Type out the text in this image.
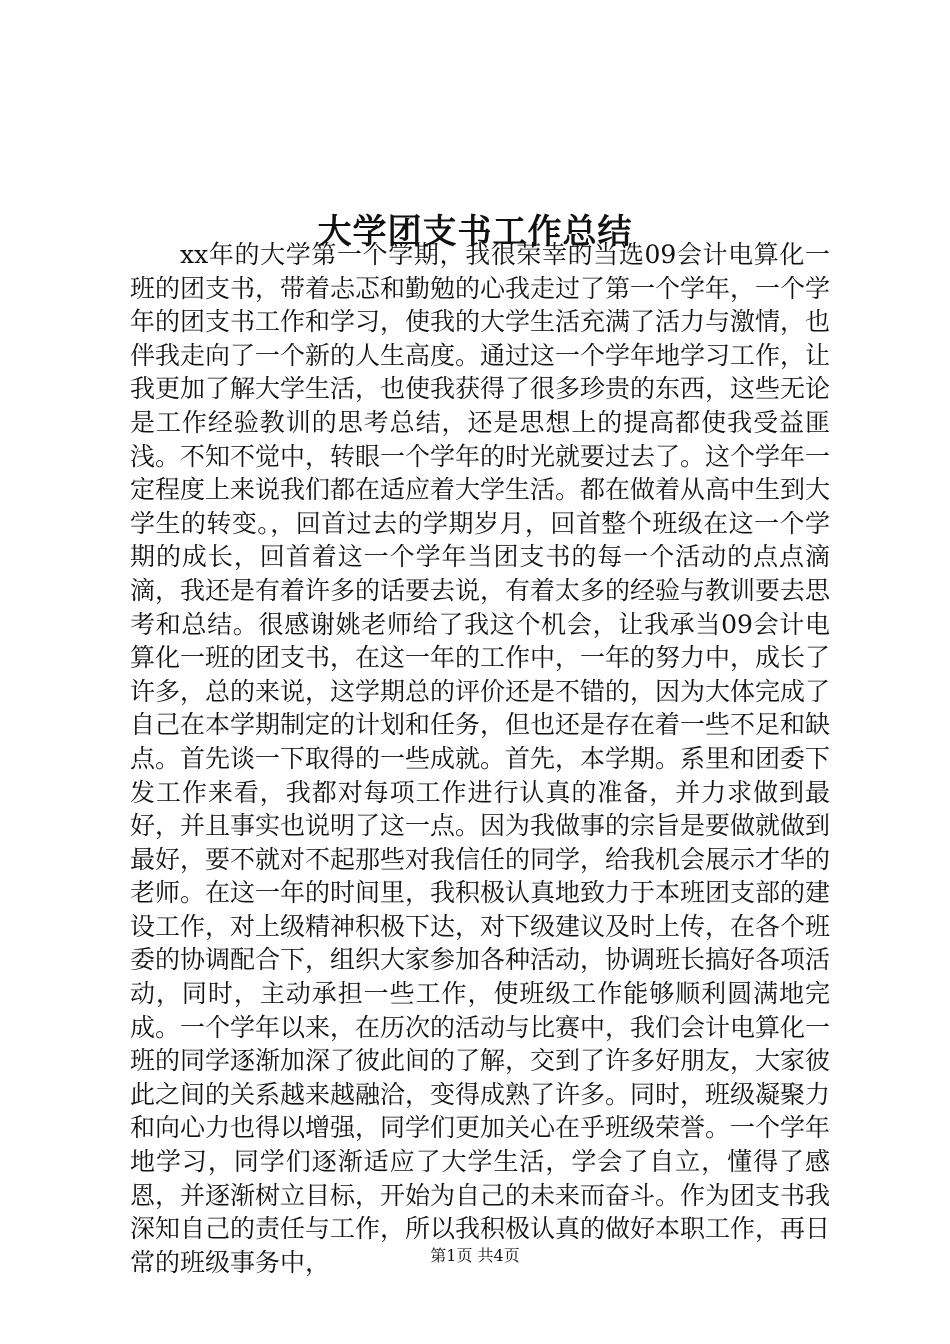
大学团支书工作总结

xx年的大学第一个学期，我很荣幸的当选09会计电算化一班的团支书，带着忐忑和勤勉的心我走过了第一个学年，一个学年的团支书工作和学习，使我的大学生活充满了活力与激情，也伴我走向了一个新的人生高度。通过这一个学年地学习工作，让我更加了解大学生活，也使我获得了很多珍贵的东西，这些无论是工作经验教训的思考总结，还是思想上的提高都使我受益匪浅。不知不觉中，转眼一个学年的时光就要过去了。这个学年一定程度上来说我们都在适应着大学生活。都在做着从高中生到大学生的转变。，回首过去的学期岁月，回首整个班级在这一个学期的成长，回首着这一个学年当团支书的每一个活动的点点滴滴，我还是有着许多的话要去说，有着太多的经验与教训要去思考和总结。很感谢姚老师给了我这个机会，让我承当09会计电算化一班的团支书，在这一年的工作中，一年的努力中，成长了许多，总的来说，这学期总的评价还是不错的，因为大体完成了自己在本学期制定的计划和任务，但也还是存在着一些不足和缺点。首先谈一下取得的一些成就。首先，本学期。系里和团委下发工作来看，我都对每项工作进行认真的准备，并力求做到最好，并且事实也说明了这一点。因为我做事的宗旨是要做就做到最好，要不就对不起那些对我信任的同学，给我机会展示才华的老师。在这一年的时间里，我积极认真地致力于本班团支部的建设工作，对上级精神积极下达，对下级建议及时上传，在各个班委的协调配合下，组织大家参加各种活动，协调班长搞好各项活动，同时，主动承担一些工作，使班级工作能够顺利圆满地完成。一个学年以来，在历次的活动与比赛中，我们会计电算化一班的同学逐渐加深了彼此间的了解，交到了许多好朋友，大家彼此之间的关系越来越融洽，变得成熟了许多。同时，班级凝聚力和向心力也得以增强，同学们更加关心在乎班级荣誉。一个学年地学习，同学们逐渐适应了大学生活，学会了自立，懂得了感恩，并逐渐树立目标，开始为自己的未来而奋斗。作为团支书我深知自己的责任与工作，所以我积极认真的做好本职工作，再日常的班级事务中，	第1页 共4页
